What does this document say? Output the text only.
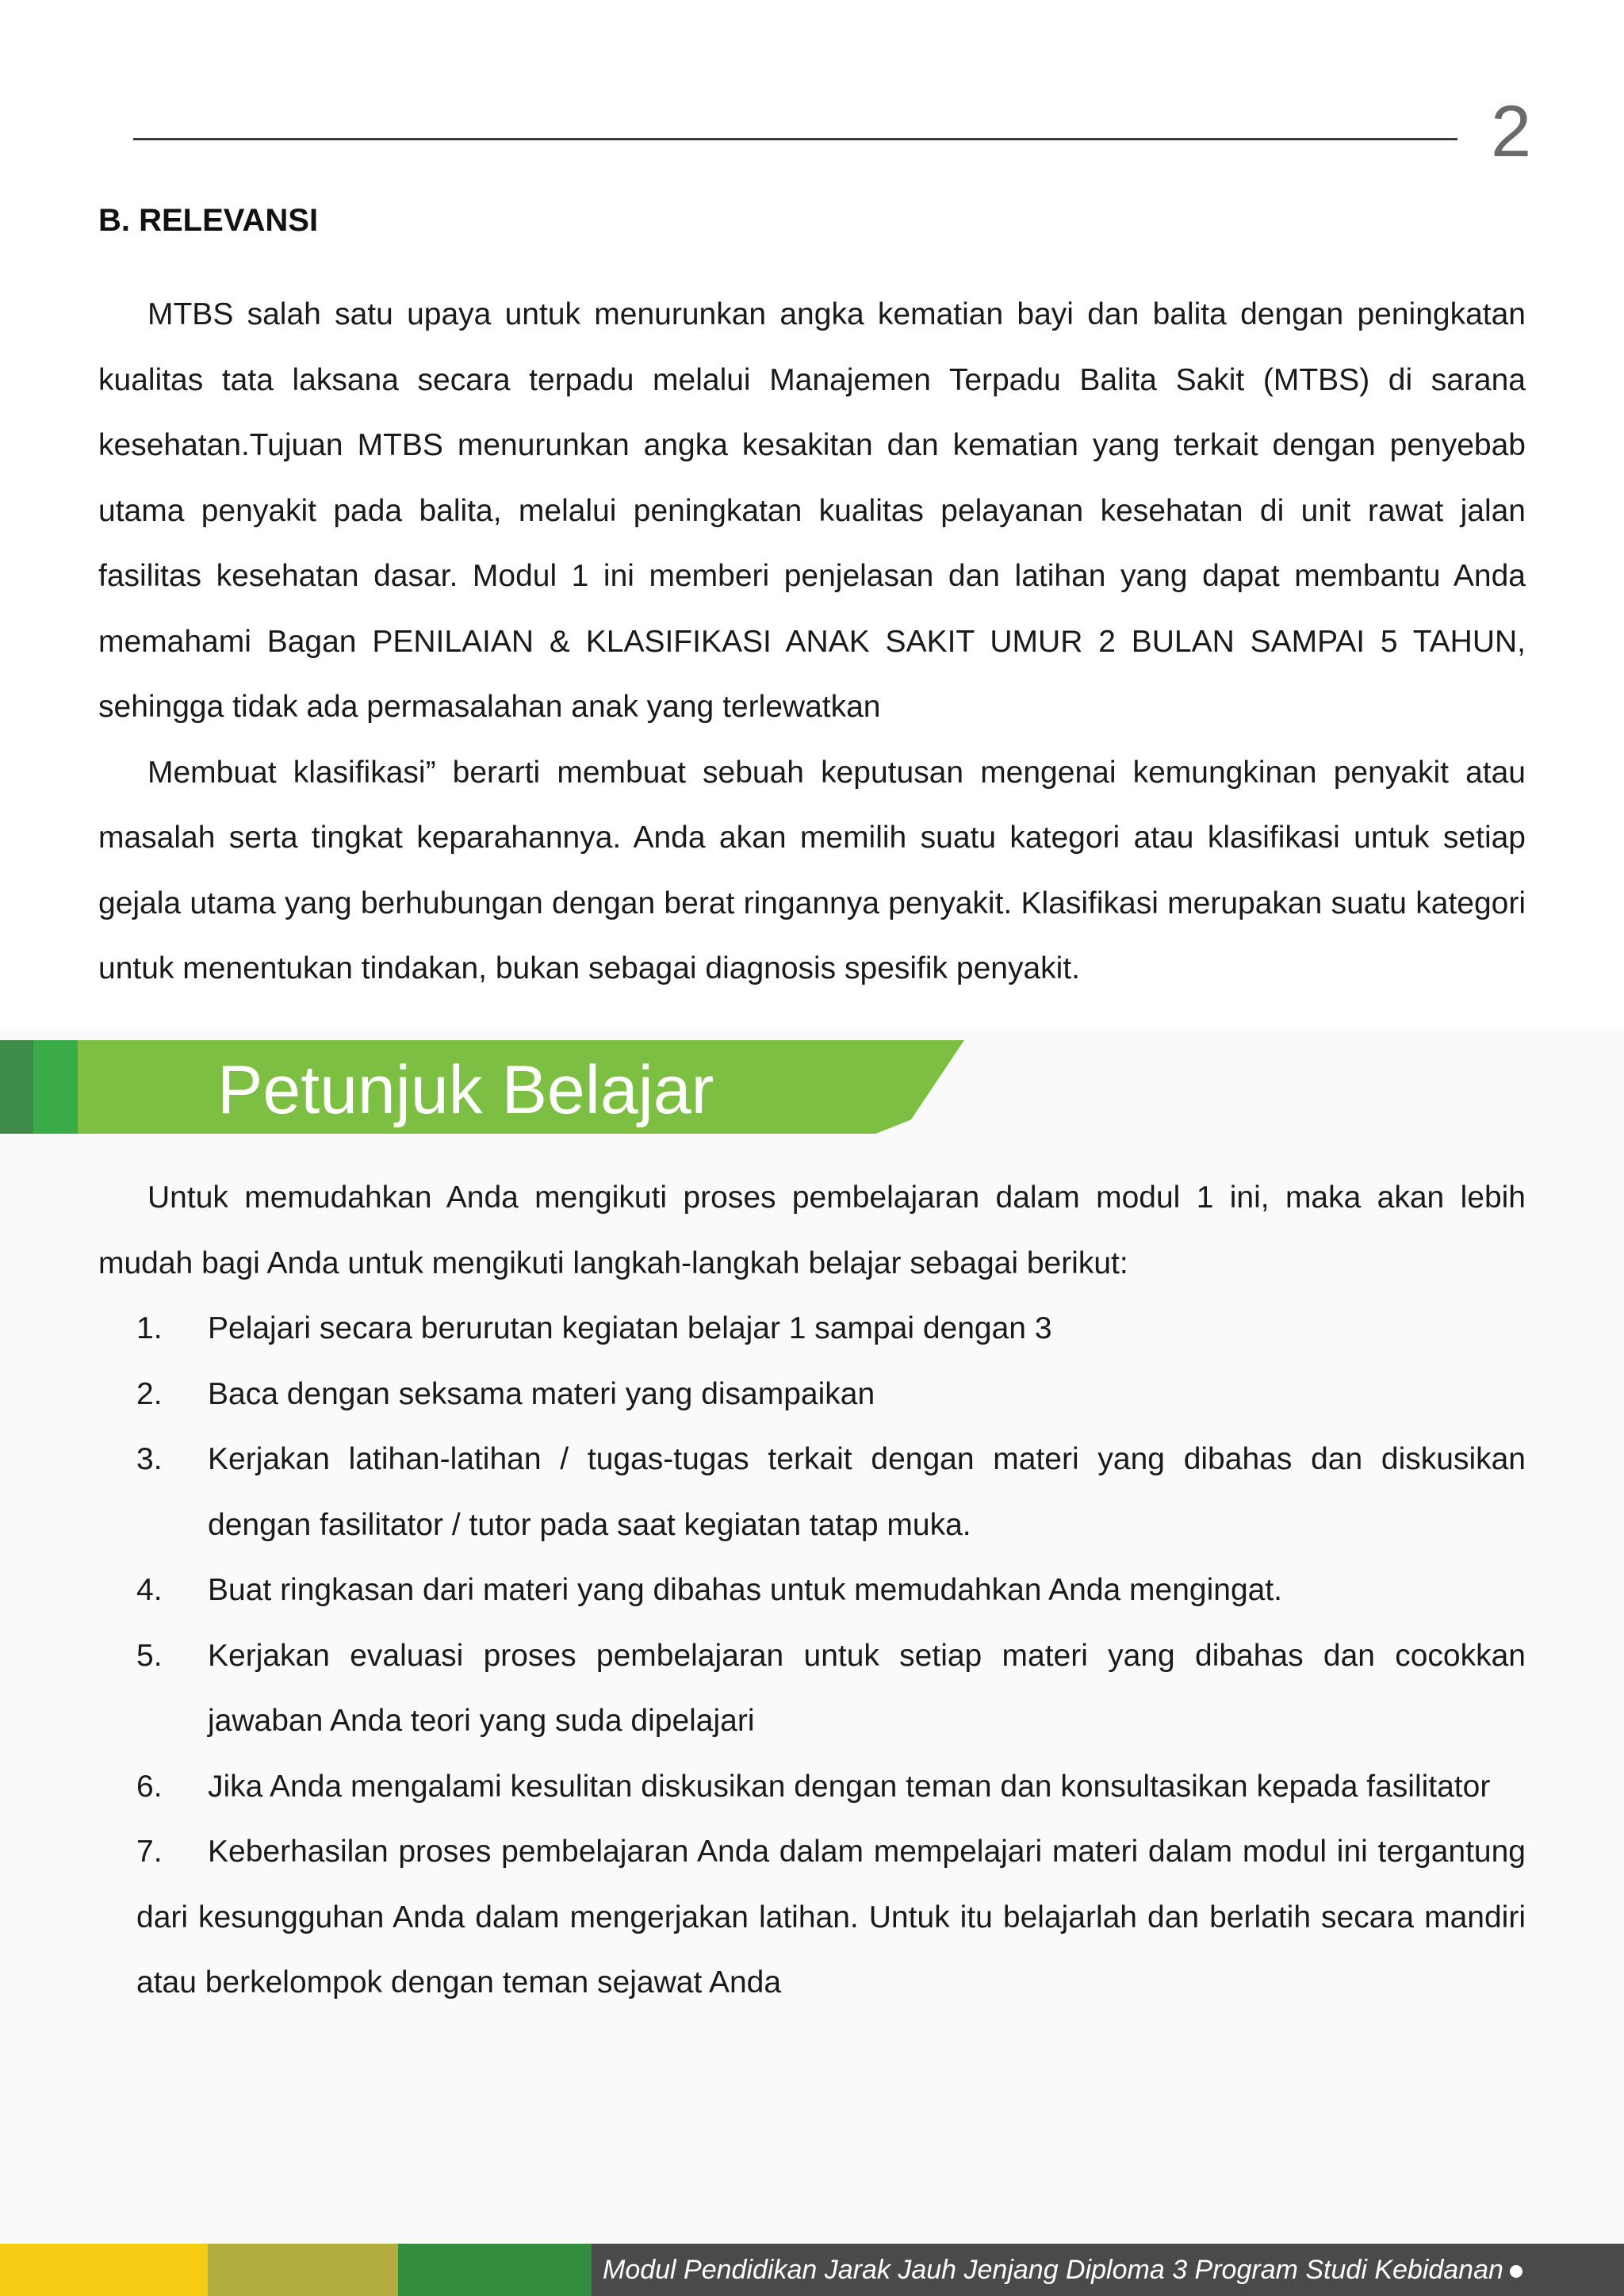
2
B. RELEVANSI

MTBS salah satu upaya untuk menurunkan angka kematian bayi dan balita dengan peningkatan kualitas tata laksana secara terpadu melalui Manajemen Terpadu Balita Sakit (MTBS) di sarana kesehatan.Tujuan MTBS menurunkan angka kesakitan dan kematian yang terkait dengan penyebab utama penyakit pada balita, melalui peningkatan kualitas pelayanan kesehatan di unit rawat jalan fasilitas kesehatan dasar. Modul 1 ini memberi penjelasan dan latihan yang dapat membantu Anda memahami Bagan PENILAIAN & KLASIFIKASI ANAK SAKIT UMUR 2 BULAN SAMPAI 5 TAHUN, sehingga tidak ada permasalahan anak yang terlewatkan

Membuat klasifikasi” berarti membuat sebuah keputusan mengenai kemungkinan penyakit atau masalah serta tingkat keparahannya. Anda akan memilih suatu kategori atau klasifikasi untuk setiap gejala utama yang berhubungan dengan berat ringannya penyakit. Klasifikasi merupakan suatu kategori untuk menentukan tindakan, bukan sebagai diagnosis spesifik penyakit.

Petunjuk Belajar

Untuk memudahkan Anda mengikuti proses pembelajaran dalam modul 1 ini, maka akan lebih mudah bagi Anda untuk mengikuti langkah-langkah belajar sebagai berikut:

1.	Pelajari secara berurutan kegiatan belajar 1 sampai dengan 3
2.	Baca dengan seksama materi yang disampaikan
3.	Kerjakan latihan-latihan / tugas-tugas terkait dengan materi yang dibahas dan diskusikan dengan fasilitator / tutor pada saat kegiatan tatap muka.
4.	Buat ringkasan dari materi yang dibahas untuk memudahkan Anda mengingat.
5.	Kerjakan evaluasi proses pembelajaran untuk setiap materi yang dibahas dan cocokkan jawaban Anda teori yang suda dipelajari
6.	Jika Anda mengalami kesulitan diskusikan dengan teman dan konsultasikan kepada fasilitator

7. Keberhasilan proses pembelajaran Anda dalam mempelajari materi dalam modul ini tergantung dari kesungguhan Anda dalam mengerjakan latihan. Untuk itu belajarlah dan berlatih secara mandiri atau berkelompok dengan teman sejawat Anda

Modul Pendidikan Jarak Jauh Jenjang Diploma 3 Program Studi Kebidanan
